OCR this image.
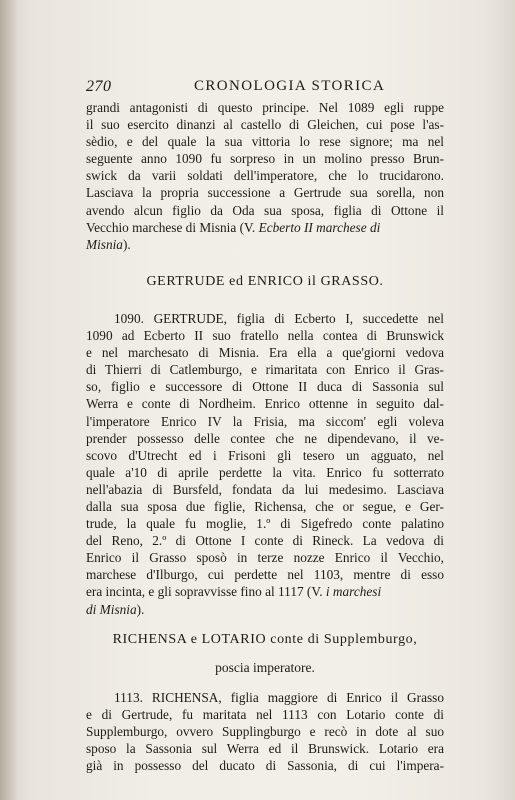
270	CRONOLOGIA STORICA
grandi antagonisti di questo principe. Nel 1089 egli ruppe
il suo esercito dinanzi al castello di Gleichen, cui pose l'as-
sèdio, e del quale la sua vittoria lo rese signore; ma nel
seguente anno 1090 fu sorpreso in un molino presso Brun-
swick da varii soldati dell'imperatore, che lo trucidarono.
Lasciava la propria successione a Gertrude sua sorella, non
avendo alcun figlio da Oda sua sposa, figlia di Ottone il
Vecchio marchese di Misnia (V. Ecberto II marchese di
Misnia).
GERTRUDE ed ENRICO il GRASSO.
1090. GERTRUDE, figlia di Ecberto I, succedette nel
1090 ad Ecberto II suo fratello nella contea di Brunswick
e nel marchesato di Misnia. Era ella a que'giorni vedova
di Thierri di Catlemburgo, e rimaritata con Enrico il Gras-
so, figlio e successore di Ottone II duca di Sassonia sul
Werra e conte di Nordheim. Enrico ottenne in seguito dal-
l'imperatore Enrico IV la Frisia, ma siccom' egli voleva
prender possesso delle contee che ne dipendevano, il ve-
scovo d'Utrecht ed i Frisoni gli tesero un agguato, nel
quale a'10 di aprile perdette la vita. Enrico fu sotterrato
nell'abazia di Bursfeld, fondata da lui medesimo. Lasciava
dalla sua sposa due figlie, Richensa, che or segue, e Ger-
trude, la quale fu moglie, 1.º di Sigefredo conte palatino
del Reno, 2.º di Ottone I conte di Rineck. La vedova di
Enrico il Grasso sposò in terze nozze Enrico il Vecchio,
marchese d'Ilburgo, cui perdette nel 1103, mentre di esso
era incinta, e gli sopravvisse fino al 1117 (V. i marchesi
di Misnia).
RICHENSA e LOTARIO conte di Supplemburgo,
poscia imperatore.
1113. RICHENSA, figlia maggiore di Enrico il Grasso
e di Gertrude, fu maritata nel 1113 con Lotario conte di
Supplemburgo, ovvero Supplingburgo e recò in dote al suo
sposo la Sassonia sul Werra ed il Brunswick. Lotario era
già in possesso del ducato di Sassonia, di cui l'impera-
